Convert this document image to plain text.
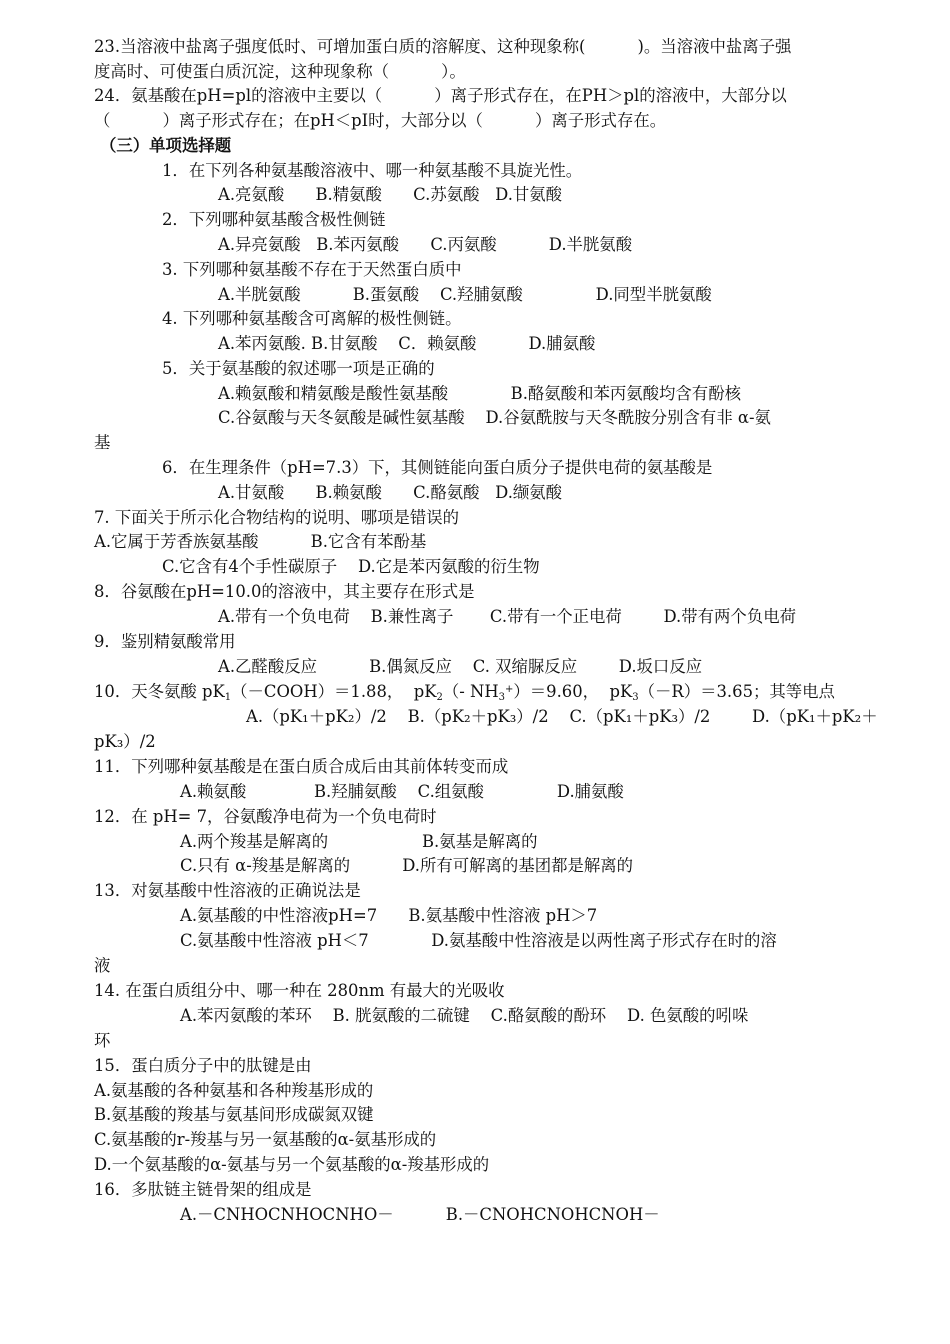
23.当溶液中盐离子强度低时、可增加蛋白质的溶解度、这种现象称(          )。当溶液中盐离子强
度高时、可使蛋白质沉淀，这种现象称（          ）。
24．氨基酸在pH=pl的溶液中主要以（          ）离子形式存在，在PH＞pl的溶液中，大部分以
（          ）离子形式存在；在pH＜pI时，大部分以（          ）离子形式存在。
（三）单项选择题
1．在下列各种氨基酸溶液中、哪一种氨基酸不具旋光性。
A.亮氨酸      B.精氨酸      C.苏氨酸   D.甘氨酸
2．下列哪种氨基酸含极性侧链
A.异亮氨酸   B.苯丙氨酸      C.丙氨酸          D.半胱氨酸
3. 下列哪种氨基酸不存在于天然蛋白质中
A.半胱氨酸          B.蛋氨酸    C.羟脯氨酸              D.同型半胱氨酸
4. 下列哪种氨基酸含可离解的极性侧链。
A.苯丙氨酸. B.甘氨酸    C．赖氨酸          D.脯氨酸
5．关于氨基酸的叙述哪一项是正确的
A.赖氨酸和精氨酸是酸性氨基酸            B.酪氨酸和苯丙氨酸均含有酚核
C.谷氨酸与天冬氨酸是碱性氨基酸    D.谷氨酰胺与天冬酰胺分别含有非 α-氨
基
6．在生理条件（pH=7.3）下，其侧链能向蛋白质分子提供电荷的氨基酸是
A.甘氨酸      B.赖氨酸      C.酪氨酸   D.缬氨酸
7. 下面关于所示化合物结构的说明、哪项是错误的
A.它属于芳香族氨基酸          B.它含有苯酚基
C.它含有4个手性碳原子    D.它是苯丙氨酸的衍生物
8．谷氨酸在pH=10.0的溶液中，其主要存在形式是
A.带有一个负电荷    B.兼性离子       C.带有一个正电荷        D.带有两个负电荷
9．鉴别精氨酸常用
A.乙醛酸反应          B.偶氮反应    C. 双缩脲反应        D.坂口反应
10．天冬氨酸 $pK_1(-COOH)=1.88$，  $pK_2(-$ $NH_3^+)=9.60$，  $pK_3(-R)=3.65$；其等电点
A.（pK₁＋pK₂）/2    B.（pK₂＋pK₃）/2    C.（pK₁＋pK₃）/2        D.（pK₁＋pK₂＋
pK₃）/2
11．下列哪种氨基酸是在蛋白质合成后由其前体转变而成
A.赖氨酸             B.羟脯氨酸    C.组氨酸              D.脯氨酸
12．在 pH= 7，谷氨酸净电荷为一个负电荷时
A.两个羧基是解离的                  B.氨基是解离的
C.只有 α-羧基是解离的          D.所有可解离的基团都是解离的
13．对氨基酸中性溶液的正确说法是
A.氨基酸的中性溶液pH=7      B.氨基酸中性溶液 pH＞7
C.氨基酸中性溶液 pH＜7            D.氨基酸中性溶液是以两性离子形式存在时的溶
液
14. 在蛋白质组分中、哪一种在 280nm 有最大的光吸收
A.苯丙氨酸的苯环    B. 胱氨酸的二硫键    C.酪氨酸的酚环    D. 色氨酸的吲哚
环
15．蛋白质分子中的肽键是由
A.氨基酸的各种氨基和各种羧基形成的
B.氨基酸的羧基与氨基间形成碳氮双键
C.氨基酸的r-羧基与另一氨基酸的α-氨基形成的
D.一个氨基酸的α-氨基与另一个氨基酸的α-羧基形成的
16．多肽链主链骨架的组成是
A.－CNHOCNHOCNHO－          B.－CNOHCNOHCNOH－
